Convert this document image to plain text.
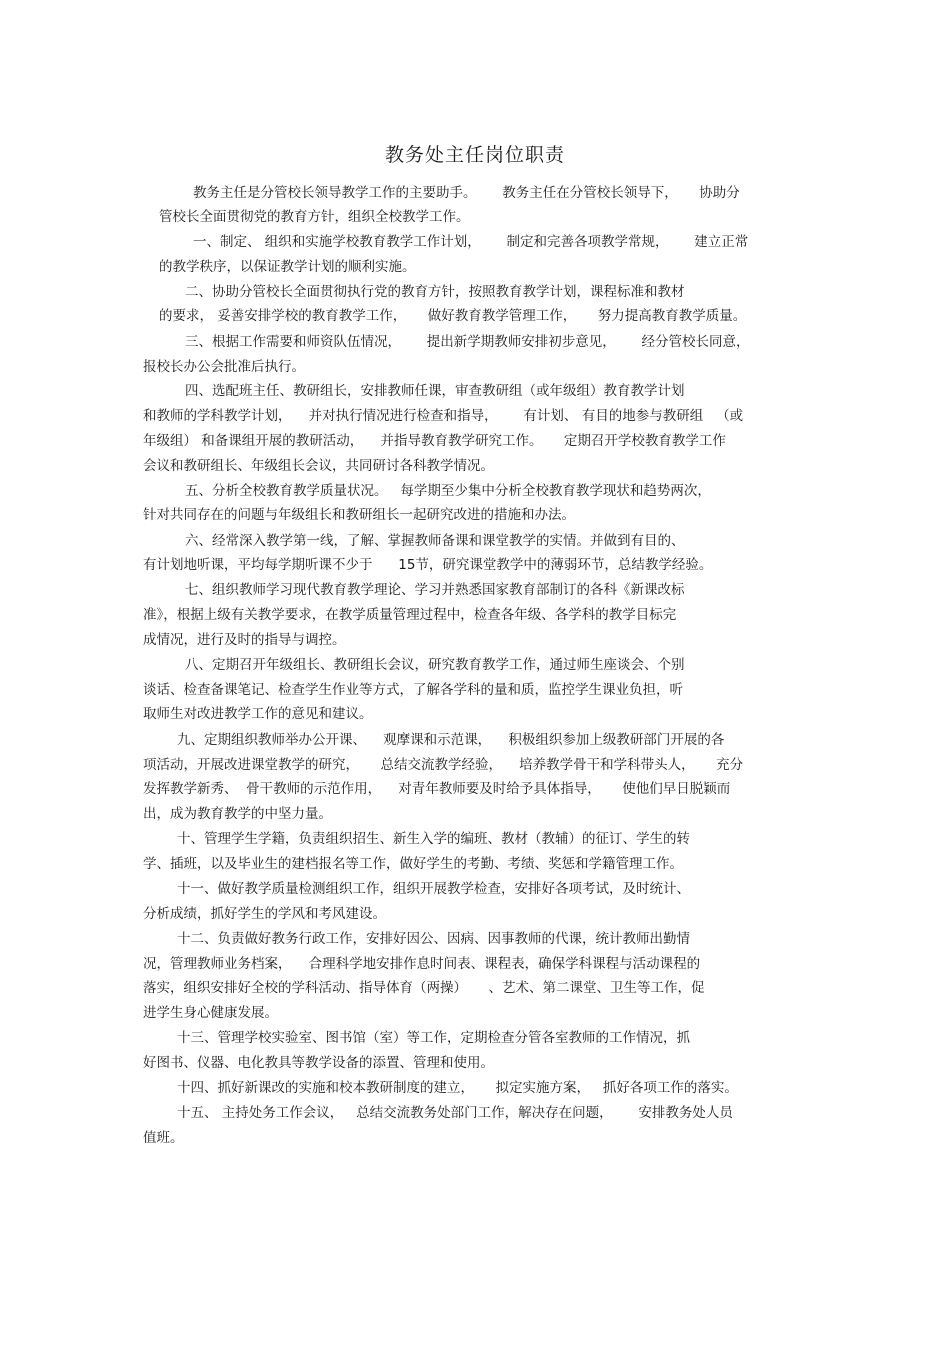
教务处主任岗位职责
教务主任是分管校长领导教学工作的主要助手。      教务主任在分管校长领导下，     协助分
管校长全面贯彻党的教育方针，组织全校教学工作。
一、制定、 组织和实施学校教育教学工作计划，      制定和完善各项教学常规，      建立正常
的教学秩序，以保证教学计划的顺利实施。
二、协助分管校长全面贯彻执行党的教育方针，按照教育教学计划，课程标准和教材
的要求， 妥善安排学校的教育教学工作，     做好教育教学管理工作，     努力提高教育教学质量。
三、根据工作需要和师资队伍情况，      提出新学期教师安排初步意见，      经分管校长同意，
报校长办公会批准后执行。
四、选配班主任、教研组长，安排教师任课，审查教研组（或年级组）教育教学计划
和教师的学科教学计划，    并对执行情况进行检查和指导，      有计划、 有目的地参与教研组   （或
年级组） 和备课组开展的教研活动，    并指导教育教学研究工作。     定期召开学校教育教学工作
会议和教研组长、年级组长会议，共同研讨各科教学情况。
五、分析全校教育教学质量状况。   每学期至少集中分析全校教育教学现状和趋势两次，
针对共同存在的问题与年级组长和教研组长一起研究改进的措施和办法。
六、经常深入教学第一线，了解、掌握教师备课和课堂教学的实情。并做到有目的、
有计划地听课，平均每学期听课不少于      15节，研究课堂教学中的薄弱环节，总结教学经验。
七、组织教师学习现代教育教学理论、学习并熟悉国家教育部制订的各科《新课改标
准》，根据上级有关教学要求，在教学质量管理过程中，检查各年级、各学科的教学目标完
成情况，进行及时的指导与调控。
八、定期召开年级组长、教研组长会议，研究教育教学工作，通过师生座谈会、个别
谈话、检查备课笔记、检查学生作业等方式，了解各学科的量和质，监控学生课业负担，听
取师生对改进教学工作的意见和建议。
九、定期组织教师举办公开课、    观摩课和示范课，    积极组织参加上级教研部门开展的各
项活动，开展改进课堂教学的研究，     总结交流教学经验，    培养教学骨干和学科带头人，     充分
发挥教学新秀、  骨干教师的示范作用，    对青年教师要及时给予具体指导，     使他们早日脱颖而
出，成为教育教学的中坚力量。
十、管理学生学籍，负责组织招生、新生入学的编班、教材（教辅）的征订、学生的转
学、插班，以及毕业生的建档报名等工作，做好学生的考勤、考绩、奖惩和学籍管理工作。
十一、做好教学质量检测组织工作，组织开展教学检查，安排好各项考试，及时统计、
分析成绩，抓好学生的学风和考风建设。
十二、负责做好教务行政工作，安排好因公、因病、因事教师的代课，统计教师出勤情
况，管理教师业务档案，    合理科学地安排作息时间表、课程表，确保学科课程与活动课程的
落实，组织安排好全校的学科活动、指导体育（两操）     、艺术、第二课堂、卫生等工作，促
进学生身心健康发展。
十三、管理学校实验室、图书馆（室）等工作，定期检查分管各室教师的工作情况，抓
好图书、仪器、电化教具等教学设备的添置、管理和使用。
十四、抓好新课改的实施和校本教研制度的建立，     拟定实施方案，   抓好各项工作的落实。
十五、 主持处务工作会议，   总结交流教务处部门工作，解决存在问题，      安排教务处人员
值班。
